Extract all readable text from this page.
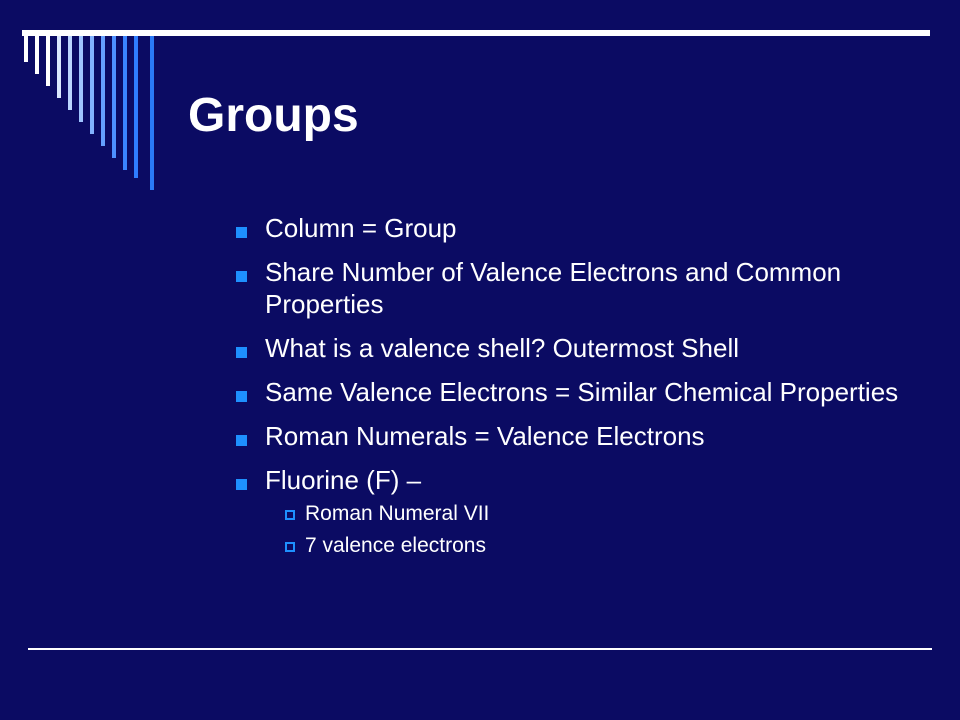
Groups
Column = Group
Share Number of Valence Electrons and Common Properties
What is a valence shell? Outermost Shell
Same Valence Electrons = Similar Chemical Properties
Roman Numerals = Valence Electrons
Fluorine (F) –
Roman Numeral VII
7 valence electrons
